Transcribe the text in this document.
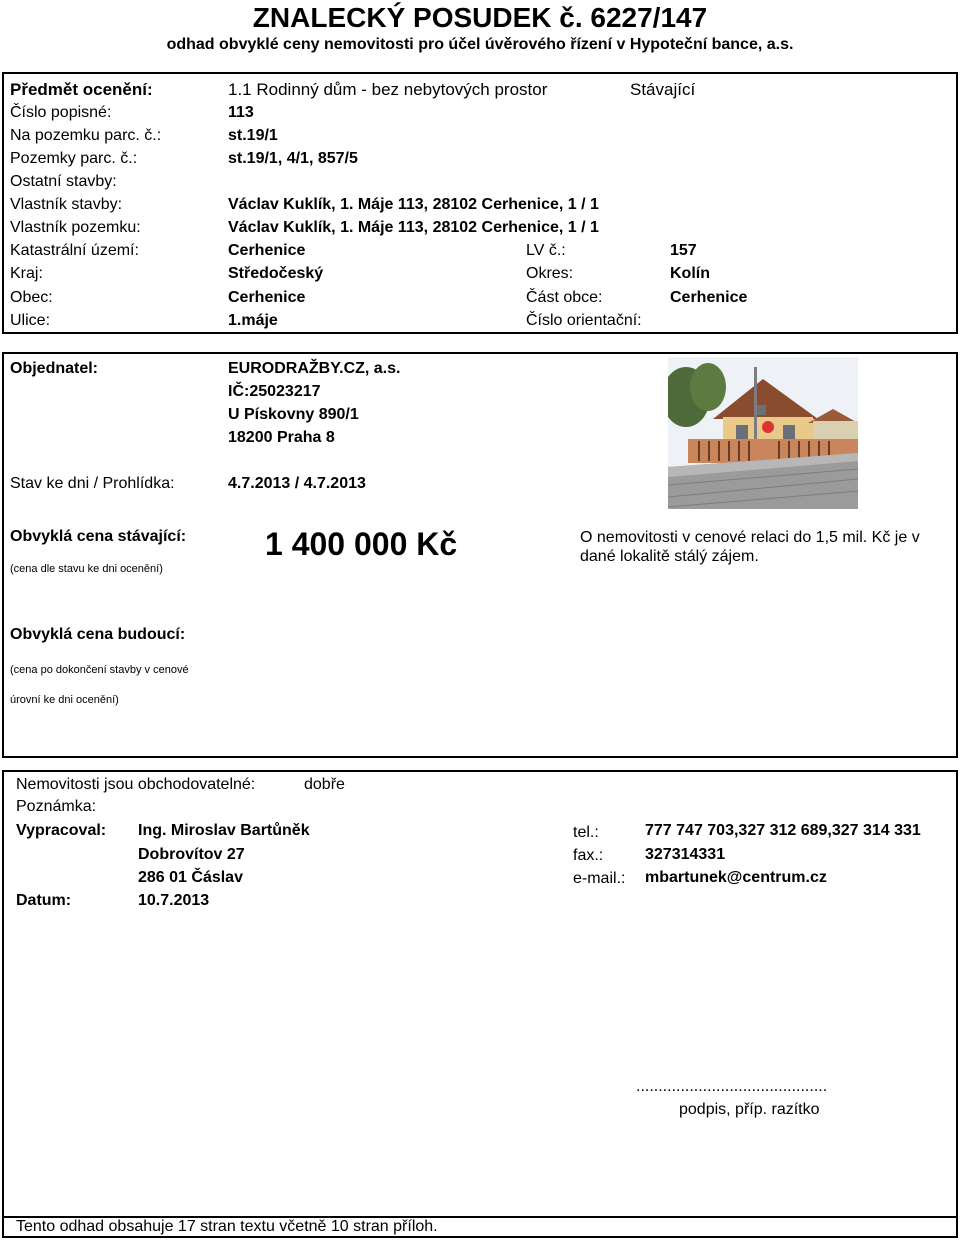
ZNALECKÝ POSUDEK č. 6227/147
odhad obvyklé ceny nemovitosti pro účel úvěrového řízení v Hypoteční bance, a.s.
Předmět ocenění:	1.1 Rodinný dům - bez nebytových prostor	Stávající
Číslo popisné:	113
Na pozemku parc. č.:	st.19/1
Pozemky parc. č.:	st.19/1, 4/1, 857/5
Ostatní stavby:
Vlastník stavby:	Václav Kuklík, 1. Máje 113, 28102 Cerhenice, 1 / 1
Vlastník pozemku:	Václav Kuklík, 1. Máje 113, 28102 Cerhenice, 1 / 1
Katastrální území:	Cerhenice	LV č.:	157
Kraj:	Středočeský	Okres:	Kolín
Obec:	Cerhenice	Část obce:	Cerhenice
Ulice:	1.máje	Číslo orientační:
Objednatel:	EURODRAŽBY.CZ, a.s.
IČ:25023217
U Pískovny 890/1
18200 Praha 8
Stav ke dni / Prohlídka:	4.7.2013 / 4.7.2013
Obvyklá cena stávající:
(cena dle stavu ke dni ocenění)
1 400 000 Kč	O nemovitosti v cenové relaci do 1,5 mil. Kč je v
dané lokalitě stálý zájem.
Obvyklá cena budoucí:
(cena po dokončení stavby v cenové
úrovní ke dni ocenění)
Nemovitosti jsou obchodovatelné:	dobře
Poznámka:
Vypracoval: Ing. Miroslav Bartůněk
Dobrovítov 27
286 01 Čáslav
Datum:	10.7.2013
tel.:	777 747 703,327 312 689,327 314 331
fax.:	327314331
e-mail.: mbartunek@centrum.cz
...........................................
podpis, příp. razítko
Tento odhad obsahuje 17 stran textu včetně 10 stran příloh.
